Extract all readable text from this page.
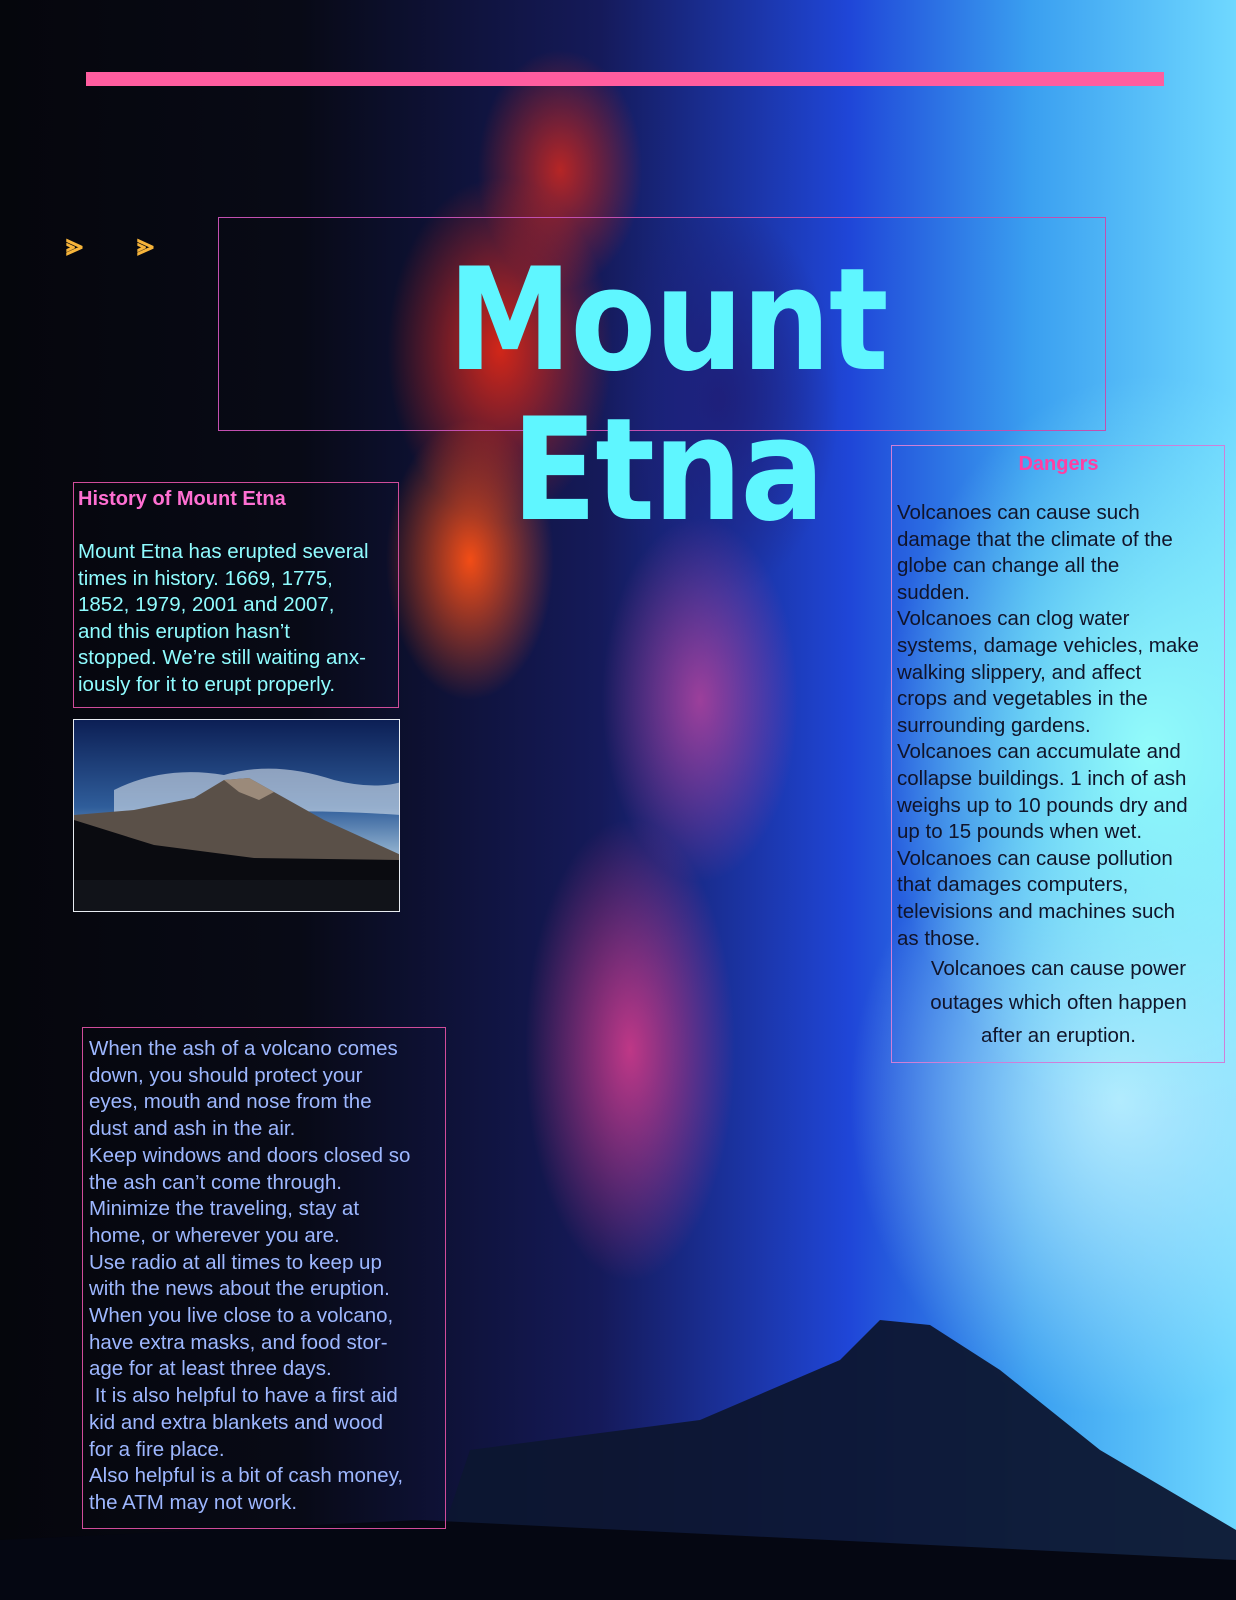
⪢ ⪢	Mount Etna
History of Mount Etna
Mount Etna has erupted several
times in history. 1669, 1775,
1852, 1979, 2001 and 2007,
and this eruption hasn’t
stopped. We’re still waiting anx-
iously for it to erupt properly.
When the ash of a volcano comes
down, you should protect your
eyes, mouth and nose from the
dust and ash in the air.
Keep windows and doors closed so
the ash can’t come through.
Minimize the traveling, stay at
home, or wherever you are.
Use radio at all times to keep up
with the news about the eruption.
When you live close to a volcano,
have extra masks, and food stor-
age for at least three days.
It is also helpful to have a first aid
kid and extra blankets and wood
for a fire place.
Also helpful is a bit of cash money,
the ATM may not work.
Dangers
Volcanoes can cause such
damage that the climate of the
globe can change all the
sudden.
Volcanoes can clog water
systems, damage vehicles, make
walking slippery, and affect
crops and vegetables in the
surrounding gardens.
Volcanoes can accumulate and
collapse buildings. 1 inch of ash
weighs up to 10 pounds dry and
up to 15 pounds when wet.
Volcanoes can cause pollution
that damages computers,
televisions and machines such
as those.
Volcanoes can cause power
outages which often happen
after an eruption.
